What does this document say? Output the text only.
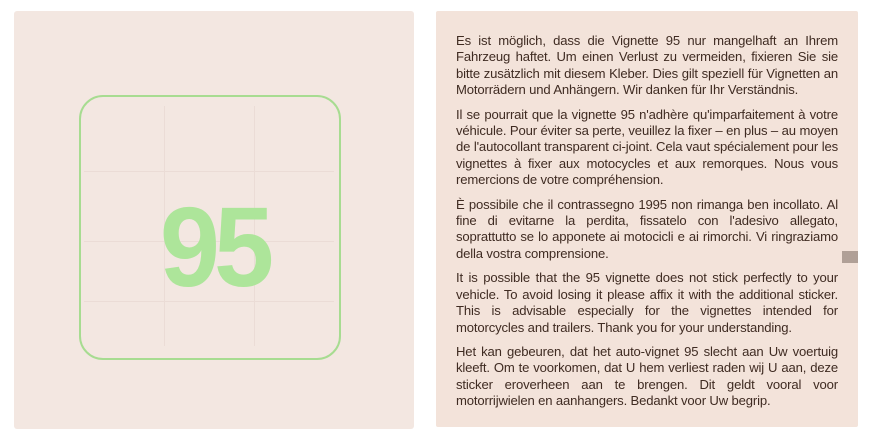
95

Es ist möglich, dass die Vignette 95 nur mangelhaft an Ihrem Fahrzeug haftet. Um einen Verlust zu vermeiden, fixieren Sie sie bitte zusätzlich mit diesem Kleber. Dies gilt speziell für Vignetten an Motorrädern und Anhängern. Wir danken für Ihr Verständnis.

Il se pourrait que la vignette 95 n'adhère qu'imparfaitement à votre véhicule. Pour éviter sa perte, veuillez la fixer – en plus – au moyen de l'autocollant transparent ci-joint. Cela vaut spécialement pour les vignettes à fixer aux motocycles et aux remorques. Nous vous remercions de votre compréhension.

È possibile che il contrassegno 1995 non rimanga ben incollato. Al fine di evitarne la perdita, fissatelo con l'adesivo allegato, soprattutto se lo apponete ai motocicli e ai rimorchi. Vi ringraziamo della vostra comprensione.

It is possible that the 95 vignette does not stick perfectly to your vehicle. To avoid losing it please affix it with the additional sticker. This is advisable especially for the vignettes intended for motorcycles and trailers. Thank you for your understanding.

Het kan gebeuren, dat het auto-vignet 95 slecht aan Uw voertuig kleeft. Om te voorkomen, dat U hem verliest raden wij U aan, deze sticker eroverheen aan te brengen. Dit geldt vooral voor motorrijwielen en aanhangers. Bedankt voor Uw begrip.
